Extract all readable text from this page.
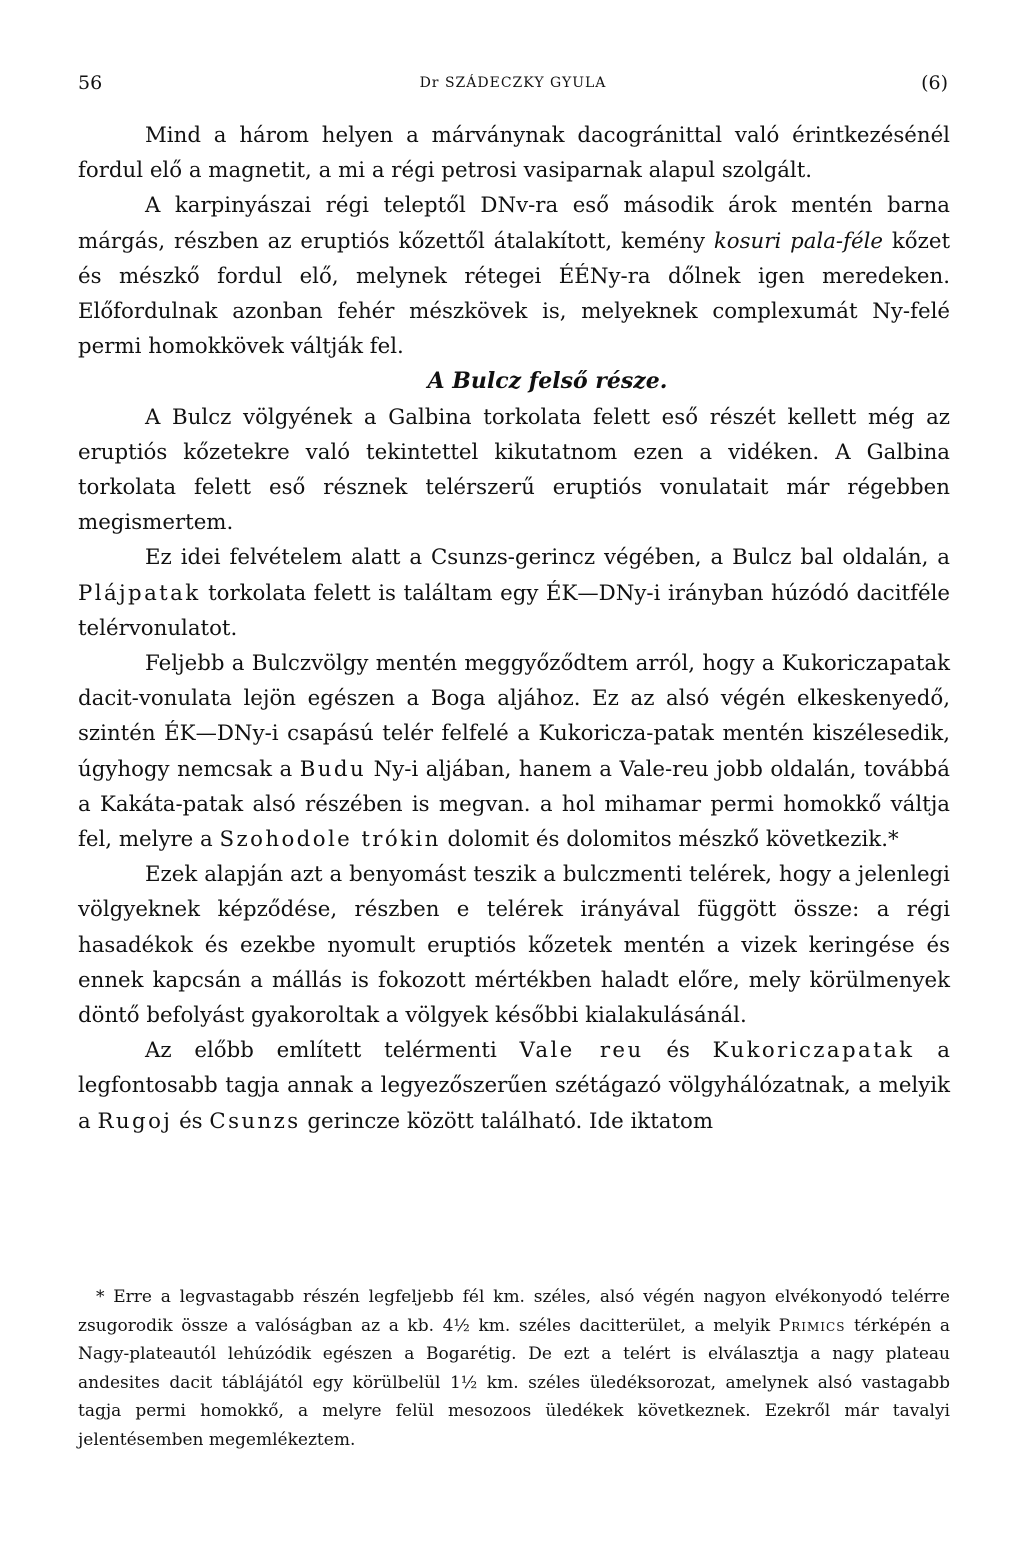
56	Dr SZÁDECZKY GYULA	(6)

Mind a három helyen a márványnak dacogránittal való érintkezésénél fordul elő a magnetit, a mi a régi petrosi vasiparnak alapul szolgált.

A karpinyászai régi teleptől DNv-ra eső második árok mentén barna márgás, részben az eruptiós kőzettől átalakított, kemény kosuri pala-féle kőzet és mészkő fordul elő, melynek rétegei ÉÉNy-ra dőlnek igen meredeken. Előfordulnak azonban fehér mészkövek is, melyeknek complexumát Ny-felé permi homokkövek váltják fel.

A Bulcz felső része.

A Bulcz völgyének a Galbina torkolata felett eső részét kellett még az eruptiós kőzetekre való tekintettel kikutatnom ezen a vidéken. A Galbina torkolata felett eső résznek telérszerű eruptiós vonulatait már régebben megismertem.

Ez idei felvételem alatt a Csunzs-gerincz végében, a Bulcz bal oldalán, a Plájpatak torkolata felett is találtam egy ÉK—DNy-i irányban húzódó dacitféle telérvonulatot.

Feljebb a Bulczvölgy mentén meggyőződtem arról, hogy a Kukoriczapatak dacit-vonulata lejön egészen a Boga aljához. Ez az alsó végén elkeskenyedő, szintén ÉK—DNy-i csapású telér felfelé a Kukoricza-patak mentén kiszélesedik, úgyhogy nemcsak a Budu Ny-i aljában, hanem a Vale-reu jobb oldalán, továbbá a Kakáta-patak alsó részében is megvan. a hol mihamar permi homokkő váltja fel, melyre a Szohodole trókin dolomit és dolomitos mészkő következik.*

Ezek alapján azt a benyomást teszik a bulczmenti telérek, hogy a jelenlegi völgyeknek képződése, részben e telérek irányával függött össze: a régi hasadékok és ezekbe nyomult eruptiós kőzetek mentén a vizek keringése és ennek kapcsán a mállás is fokozott mértékben haladt előre, mely körülmenyek döntő befolyást gyakoroltak a völgyek későbbi kialakulásánál.

Az előbb említett telérmenti Vale reu és Kukoriczapatak a legfontosabb tagja annak a legyezőszerűen szétágazó völgyhálózatnak, a melyik a Rugoj és Csunzs gerincze között található. Ide iktatom

* Erre a legvastagabb részén legfeljebb fél km. széles, alsó végén nagyon elvékonyodó telérre zsugorodik össze a valóságban az a kb. 4½ km. széles dacitterület, a melyik Primics térképén a Nagy-plateautól lehúzódik egészen a Bogarétig. De ezt a telért is elválasztja a nagy plateau andesites dacit táblájától egy körülbelül 1½ km. széles üledéksorozat, amelynek alsó vastagabb tagja permi homokkő, a melyre felül mesozoos üledékek következnek. Ezekről már tavalyi jelentésemben megemlékeztem.
